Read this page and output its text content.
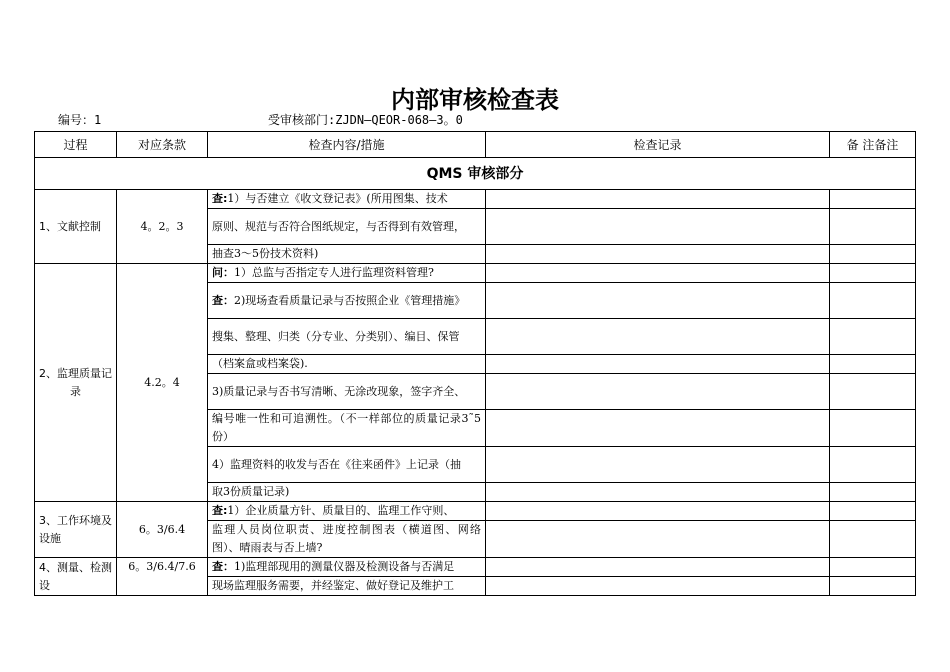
内部审核检查表
编号：1	受审核部门:ZJDN—QEOR-068—3。0
过程	对应条款	检查内容/措施	检查记录	备 注备注
QMS 审核部分				
1、文献控制	4。2。3	查:1）与否建立《收文登记表》(所用图集、技术		
		原则、规范与否符合图纸规定，与否得到有效管理，		
		抽查3～5份技术资料)		
2、监理质量记录	4.2。4	问：1）总监与否指定专人进行监理资料管理?		
		查：2)现场查看质量记录与否按照企业《管理措施》		
		搜集、整理、归类（分专业、分类别）、编目、保管		
		（档案盒或档案袋).		
		3)质量记录与否书写清晰、无涂改现象，签字齐全、		
		编号唯一性和可追溯性。（不一样部位的质量记录3˜5份）		
		4）监理资料的收发与否在《往来函件》上记录（抽		
		取3份质量记录)		
3、工作环境及设施	6。3/6.4	查:1）企业质量方针、质量目的、监理工作守则、		
		监理人员岗位职责、进度控制图表（横道图、网络图）、晴雨表与否上墙?		
4、测量、检测设	6。3/6.4/7.6	查：1)监理部现用的测量仪器及检测设备与否满足		
		现场监理服务需要，并经鉴定、做好登记及维护工		
